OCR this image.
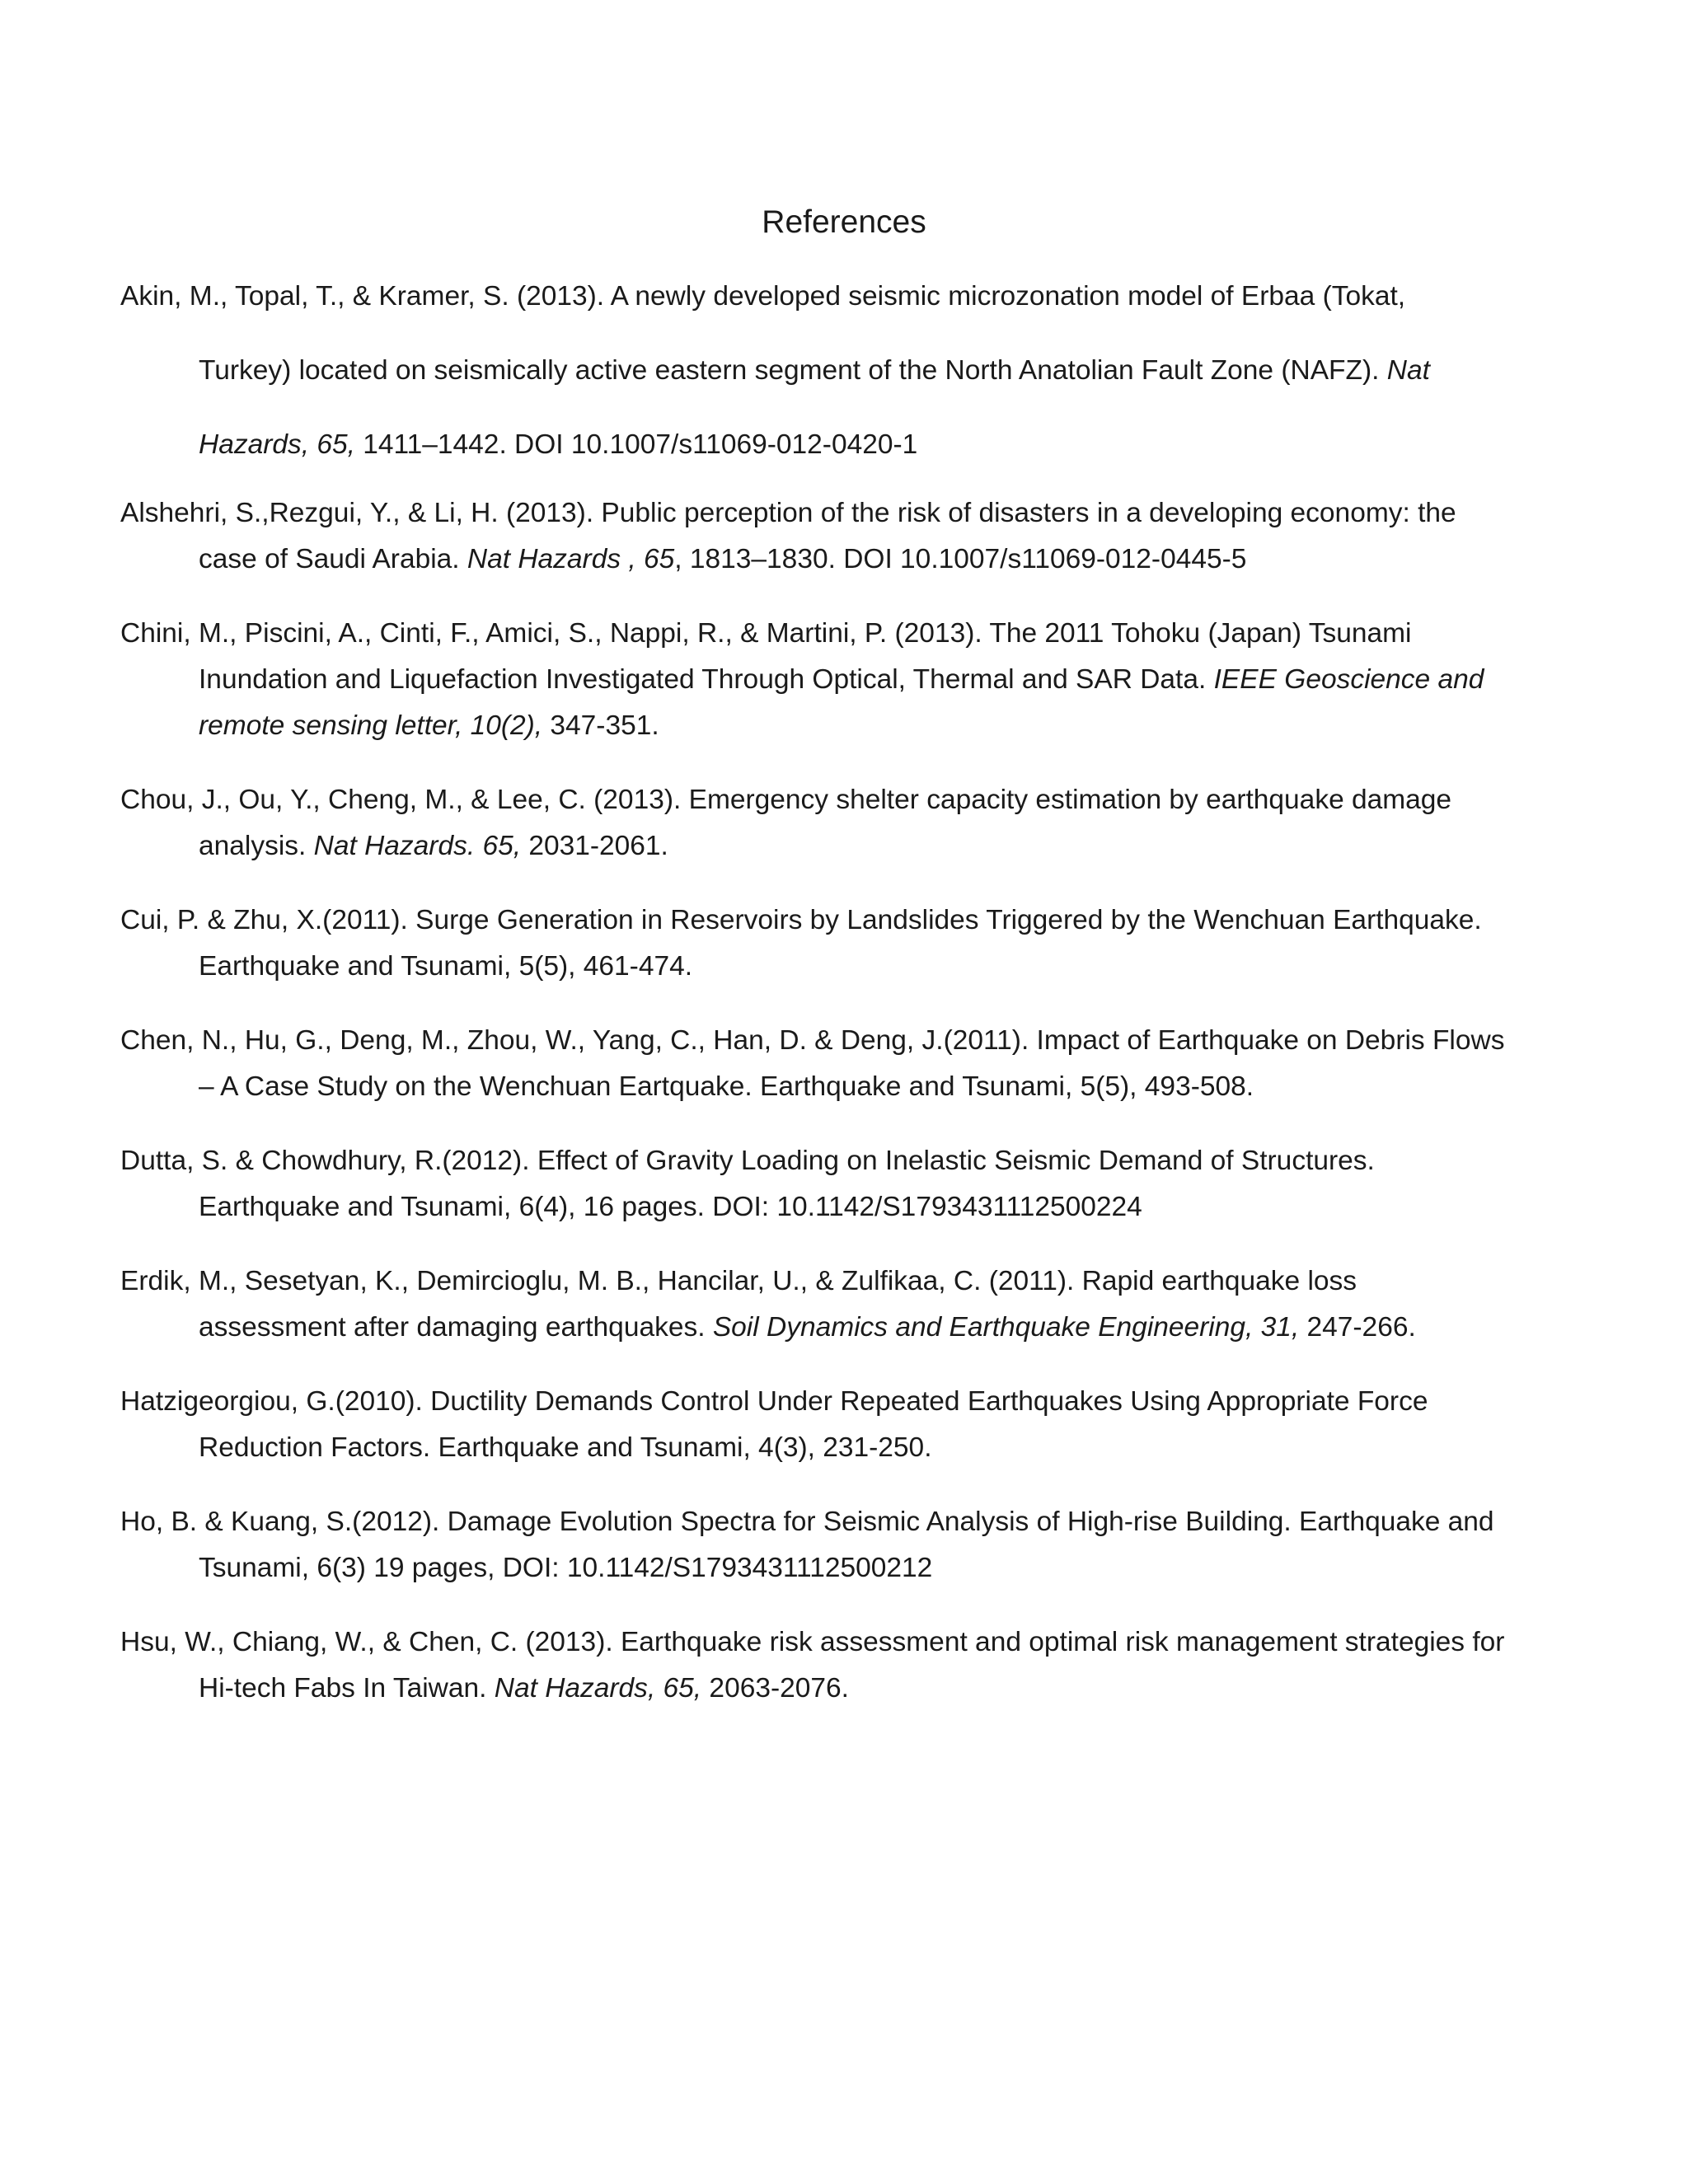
References
Akin, M., Topal, T., & Kramer, S. (2013). A newly developed seismic microzonation model of Erbaa (Tokat, Turkey) located on seismically active eastern segment of the North Anatolian Fault Zone (NAFZ). Nat Hazards, 65, 1411–1442. DOI 10.1007/s11069-012-0420-1
Alshehri, S.,Rezgui, Y., & Li, H. (2013). Public perception of the risk of disasters in a developing economy: the case of Saudi Arabia. Nat Hazards , 65, 1813–1830. DOI 10.1007/s11069-012-0445-5
Chini, M., Piscini, A., Cinti, F., Amici, S., Nappi, R., & Martini, P. (2013). The 2011 Tohoku (Japan) Tsunami Inundation and Liquefaction Investigated Through Optical, Thermal and SAR Data. IEEE Geoscience and remote sensing letter, 10(2), 347-351.
Chou, J., Ou, Y., Cheng, M., & Lee, C. (2013). Emergency shelter capacity estimation by earthquake damage analysis. Nat Hazards. 65, 2031-2061.
Cui, P. & Zhu, X.(2011). Surge Generation in Reservoirs by Landslides Triggered by the Wenchuan Earthquake. Earthquake and Tsunami, 5(5), 461-474.
Chen, N., Hu, G., Deng, M., Zhou, W., Yang, C., Han, D. & Deng, J.(2011). Impact of Earthquake on Debris Flows – A Case Study on the Wenchuan Eartquake. Earthquake and Tsunami, 5(5), 493-508.
Dutta, S. & Chowdhury, R.(2012). Effect of Gravity Loading on Inelastic Seismic Demand of Structures. Earthquake and Tsunami, 6(4), 16 pages. DOI: 10.1142/S1793431112500224
Erdik, M., Sesetyan, K., Demircioglu, M. B., Hancilar, U., & Zulfikaa, C. (2011). Rapid earthquake loss assessment after damaging earthquakes. Soil Dynamics and Earthquake Engineering, 31, 247-266.
Hatzigeorgiou, G.(2010). Ductility Demands Control Under Repeated Earthquakes Using Appropriate Force Reduction Factors. Earthquake and Tsunami, 4(3), 231-250.
Ho, B. & Kuang, S.(2012). Damage Evolution Spectra for Seismic Analysis of High-rise Building. Earthquake and Tsunami, 6(3) 19 pages, DOI: 10.1142/S1793431112500212
Hsu, W., Chiang, W., & Chen, C. (2013). Earthquake risk assessment and optimal risk management strategies for Hi-tech Fabs In Taiwan. Nat Hazards, 65, 2063-2076.
